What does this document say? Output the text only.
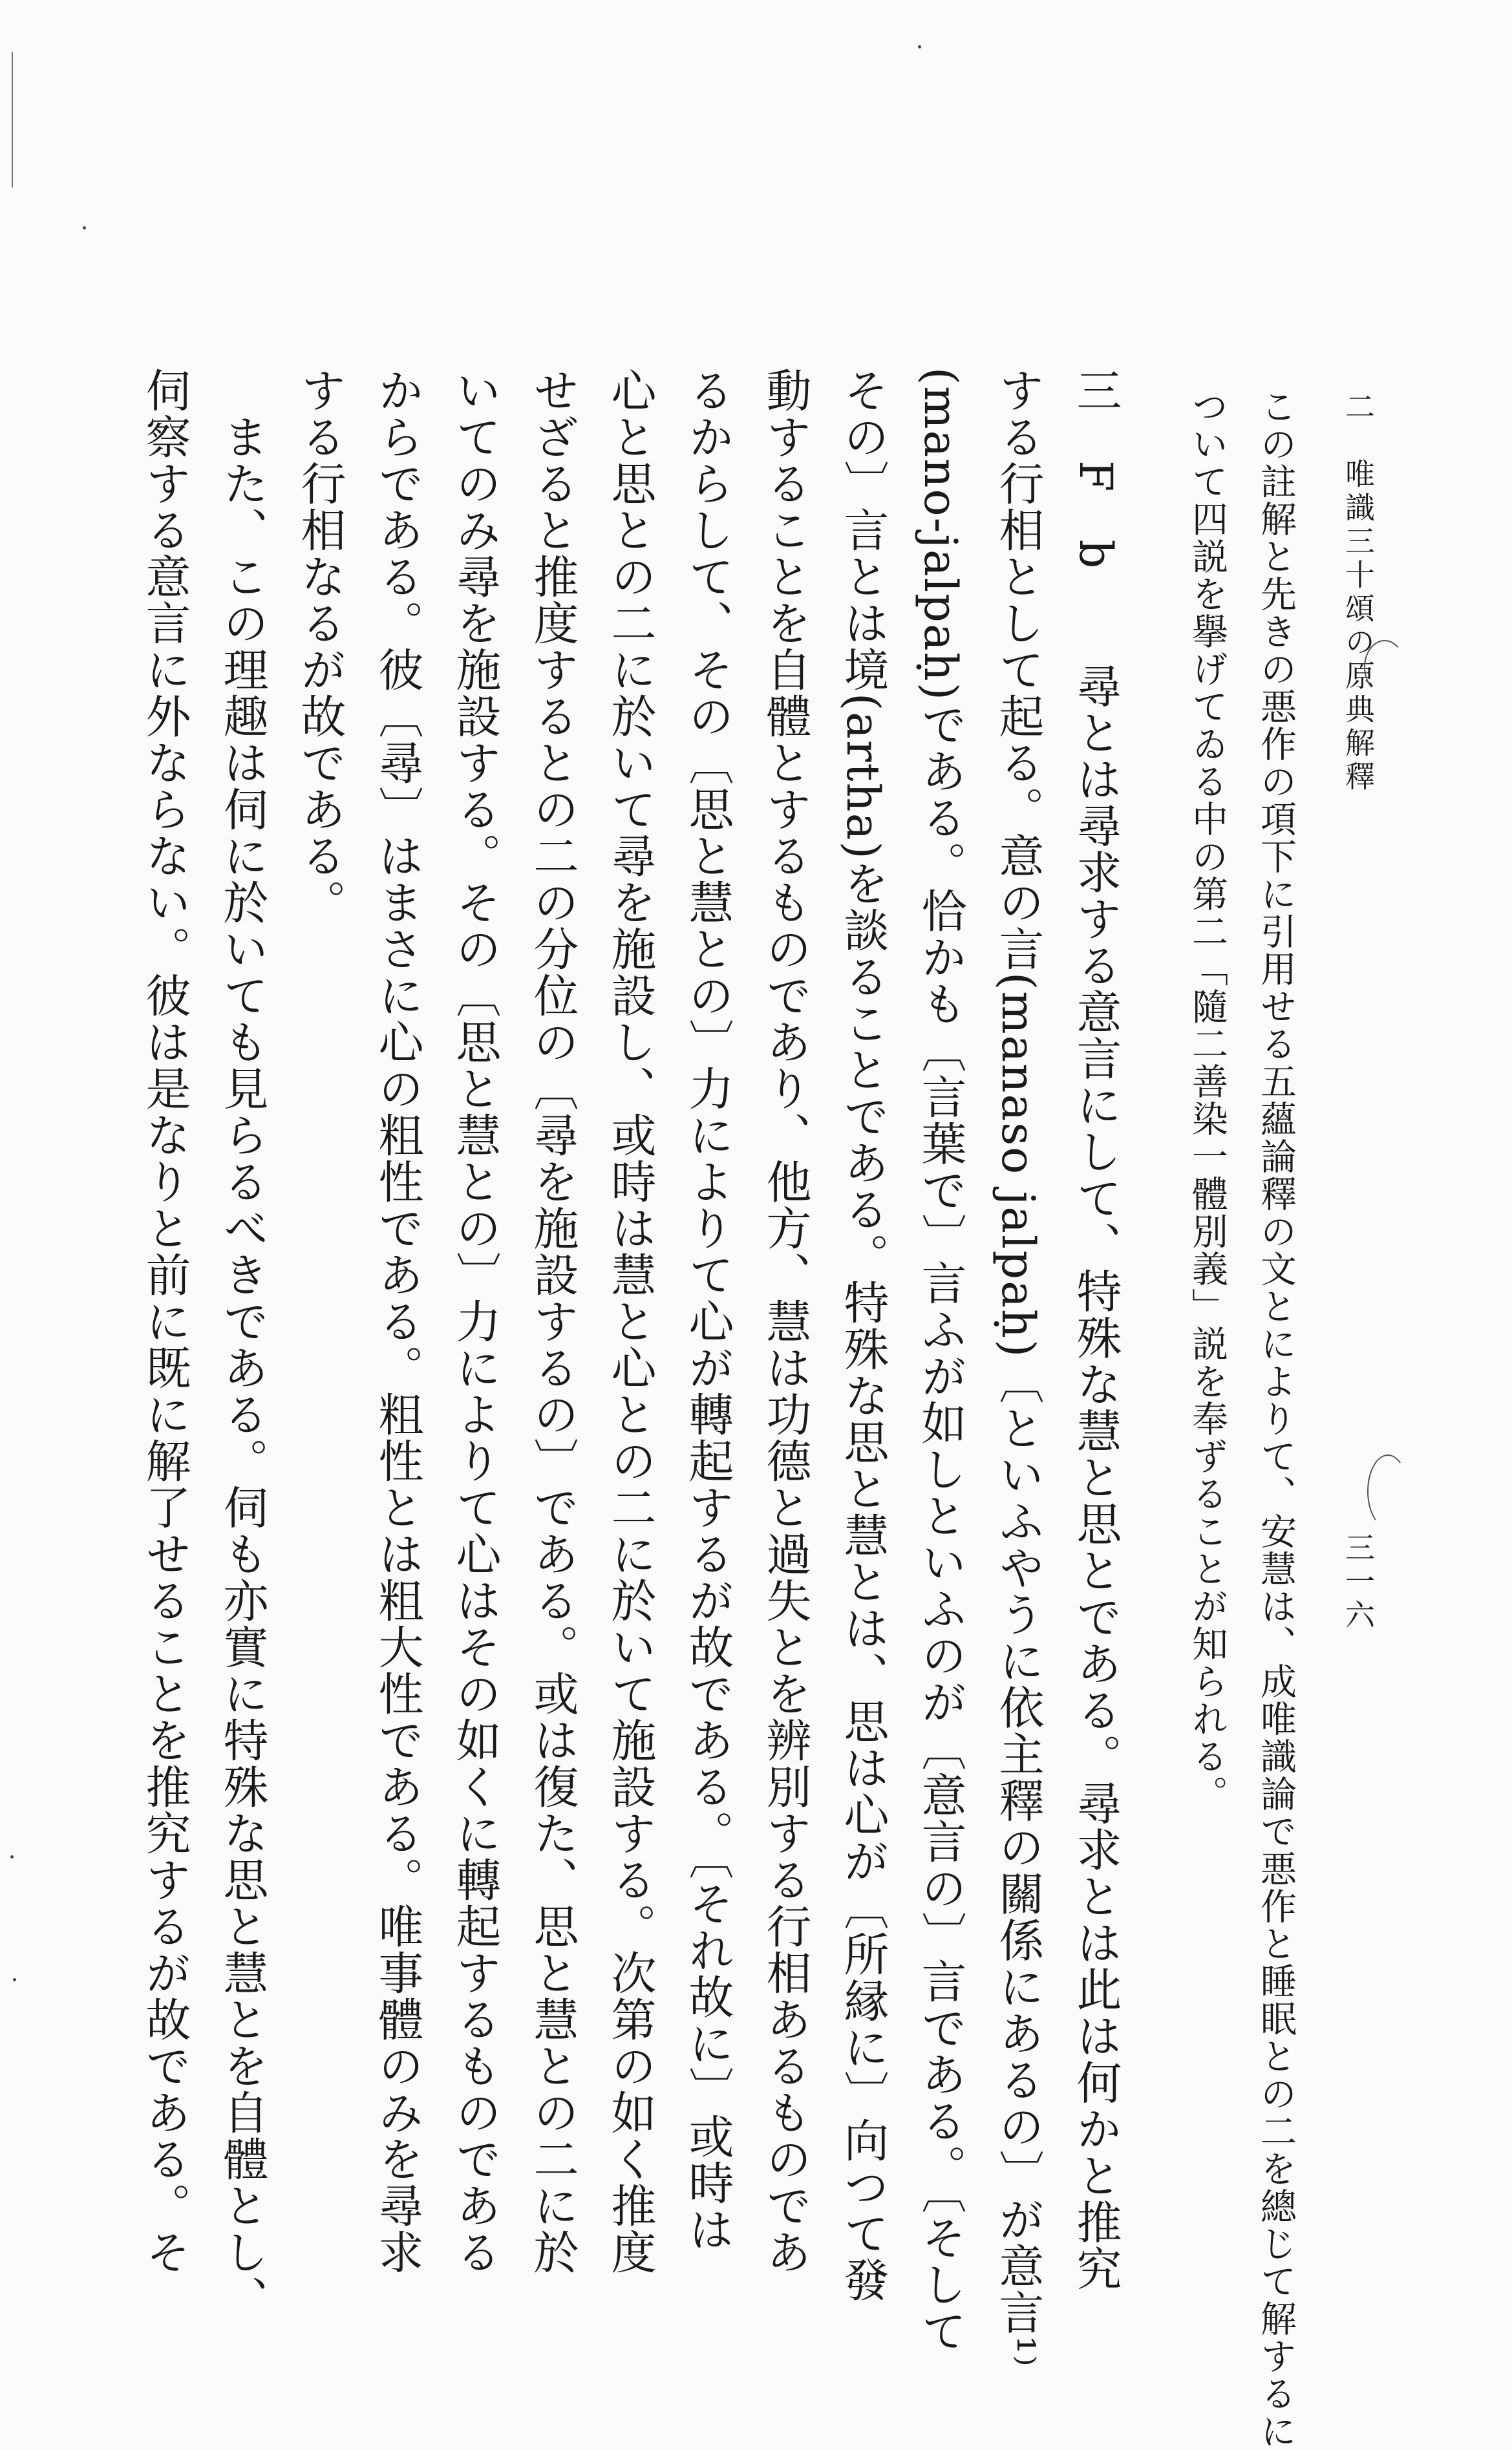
二　唯識三十頌の原典解釋
三一六
この註解と先きの悪作の項下に引用せる五蘊論釋の文とによりて、安慧は、成唯識論で悪作と睡眠との二を總じて解するに
ついて四説を擧げてゐる中の第二「隨二善染一體別義」説を奉ずることが知られる。
三　F　b　　尋とは尋求する意言にして、特殊な慧と思とである。尋求とは此は何かと推究
する行相として起る。意の言(manaso jalpaḥ)〔といふやうに依主釋の關係にあるの〕が意言¹⁾
(mano-jalpaḥ)である。恰かも〔言葉で〕言ふが如しといふのが〔意言の〕言である。〔そして
その〕言とは境(artha)を談ることである。特殊な思と慧とは、思は心が〔所縁に〕向つて發
動することを自體とするものであり、他方、慧は功德と過失とを辨別する行相あるものであ
るからして、その〔思と慧との〕力によりて心が轉起するが故である。〔それ故に〕或時は
心と思との二に於いて尋を施設し、或時は慧と心との二に於いて施設する。次第の如く推度
せざると推度するとの二の分位の〔尋を施設するの〕である。或は復た、思と慧との二に於
いてのみ尋を施設する。その〔思と慧との〕力によりて心はその如くに轉起するものである
からである。彼〔尋〕はまさに心の粗性である。粗性とは粗大性である。唯事體のみを尋求
する行相なるが故である。
　また、この理趣は伺に於いても見らるべきである。伺も亦實に特殊な思と慧とを自體とし、
伺察する意言に外ならない。彼は是なりと前に既に解了せることを推究するが故である。そ
